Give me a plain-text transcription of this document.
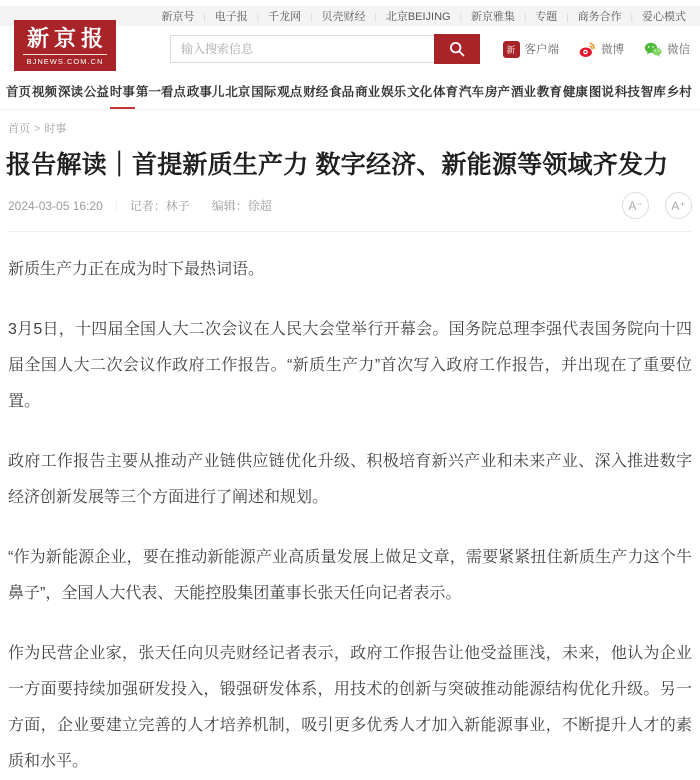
新京报
BJNEWS.COM.CN
新京号	| 电子报	| 千龙网	| 贝壳财经	| 北京BEIJING	| 新京雅集	| 专题	| 商务合作	| 爱心模式
输入搜索信息
新 客户端	微博	微信
首页 视频 深读 公益 时事 第一看点 政事儿 北京 国际 观点 财经 食品 商业 娱乐 文化 体育 汽车 房产 酒业 教育 健康 图说 科技 智库 乡村
首页 > 时事
报告解读｜首提新质生产力 数字经济、新能源等领域齐发力
2024-03-05 16:20 ｜ 记者：林子 编辑：徐超	A⁻	A⁺

新质生产力正在成为时下最热词语。

3月5日，十四届全国人大二次会议在人民大会堂举行开幕会。国务院总理李强代表国务院向十四届全国人大二次会议作政府工作报告。“新质生产力”首次写入政府工作报告，并出现在了重要位置。

政府工作报告主要从推动产业链供应链优化升级、积极培育新兴产业和未来产业、深入推进数字经济创新发展等三个方面进行了阐述和规划。

“作为新能源企业，要在推动新能源产业高质量发展上做足文章，需要紧紧扭住新质生产力这个牛鼻子”，全国人大代表、天能控股集团董事长张天任向记者表示。

作为民营企业家，张天任向贝壳财经记者表示，政府工作报告让他受益匪浅，未来，他认为企业一方面要持续加强研发投入，锻强研发体系，用技术的创新与突破推动能源结构优化升级。另一方面，企业要建立完善的人才培养机制，吸引更多优秀人才加入新能源事业，不断提升人才的素质和水平。
